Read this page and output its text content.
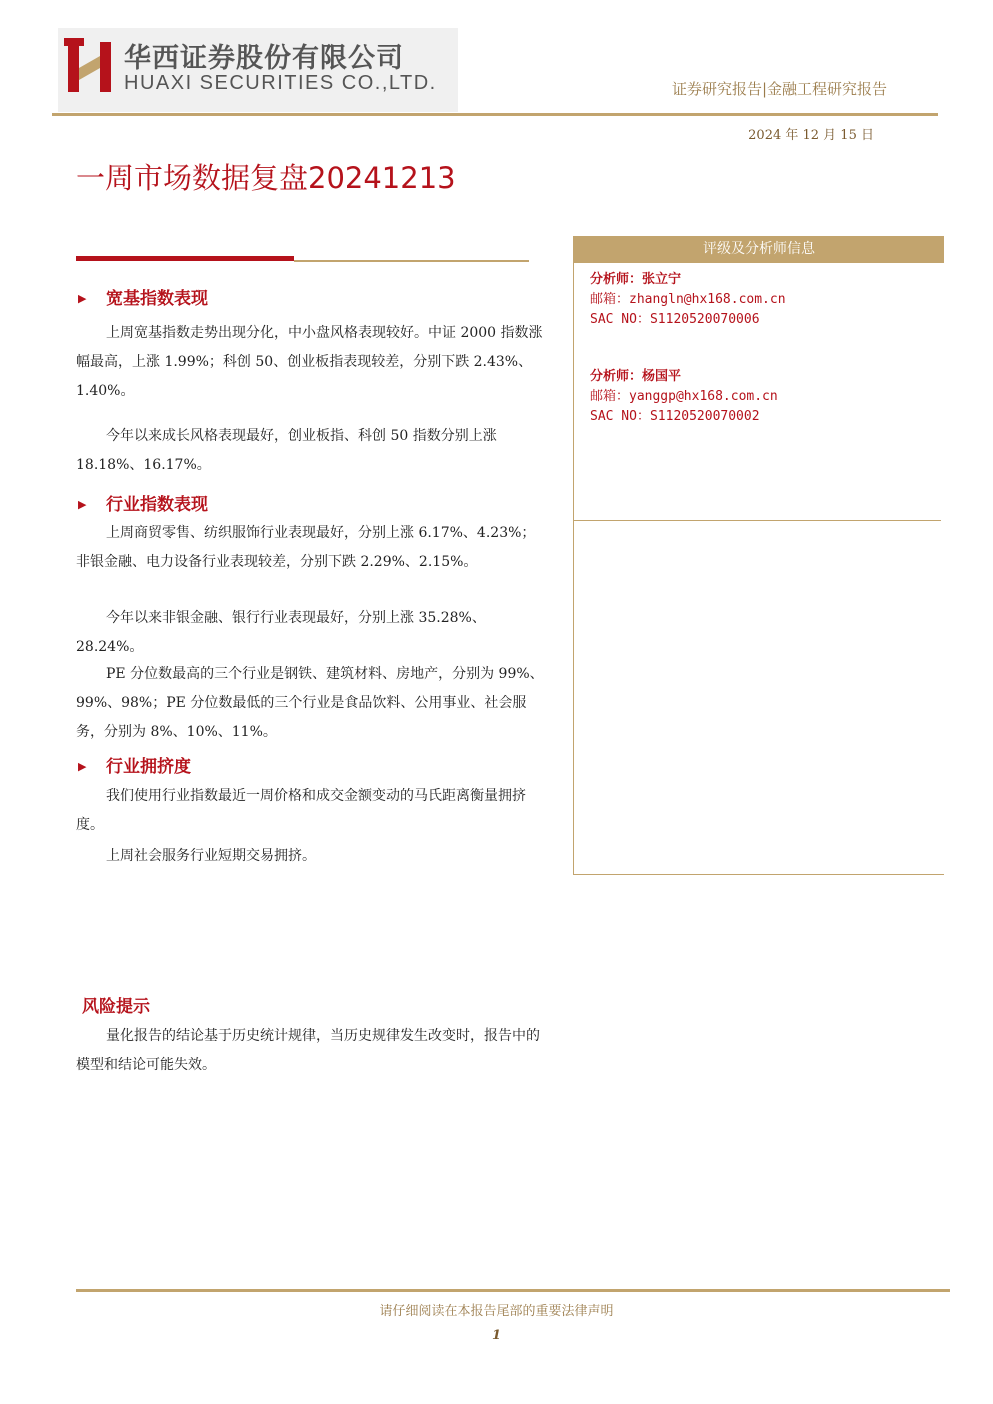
华西证券股份有限公司
HUAXI SECURITIES CO.,LTD.	证券研究报告|金融工程研究报告
2024 年 12 月 15 日
一周市场数据复盘20241213
▶ 宽基指数表现

上周宽基指数走势出现分化，中小盘风格表现较好。中证 2000 指数涨幅最高，上涨 1.99%；科创 50、创业板指表现较差，分别下跌 2.43%、1.40%。

今年以来成长风格表现最好，创业板指、科创 50 指数分别上涨 18.18%、16.17%。

▶ 行业指数表现

上周商贸零售、纺织服饰行业表现最好，分别上涨 6.17%、4.23%；非银金融、电力设备行业表现较差，分别下跌 2.29%、2.15%。

今年以来非银金融、银行行业表现最好，分别上涨 35.28%、28.24%。

PE 分位数最高的三个行业是钢铁、建筑材料、房地产，分别为 99%、99%、98%；PE 分位数最低的三个行业是食品饮料、公用事业、社会服务，分别为 8%、10%、11%。

▶ 行业拥挤度

我们使用行业指数最近一周价格和成交金额变动的马氏距离衡量拥挤度。

上周社会服务行业短期交易拥挤。

风险提示

量化报告的结论基于历史统计规律，当历史规律发生改变时，报告中的模型和结论可能失效。

评级及分析师信息
分析师：张立宁
邮箱：zhangln@hx168.com.cn
SAC NO：S1120520070006
分析师：杨国平
邮箱：yanggp@hx168.com.cn
SAC NO：S1120520070002
请仔细阅读在本报告尾部的重要法律声明
1
